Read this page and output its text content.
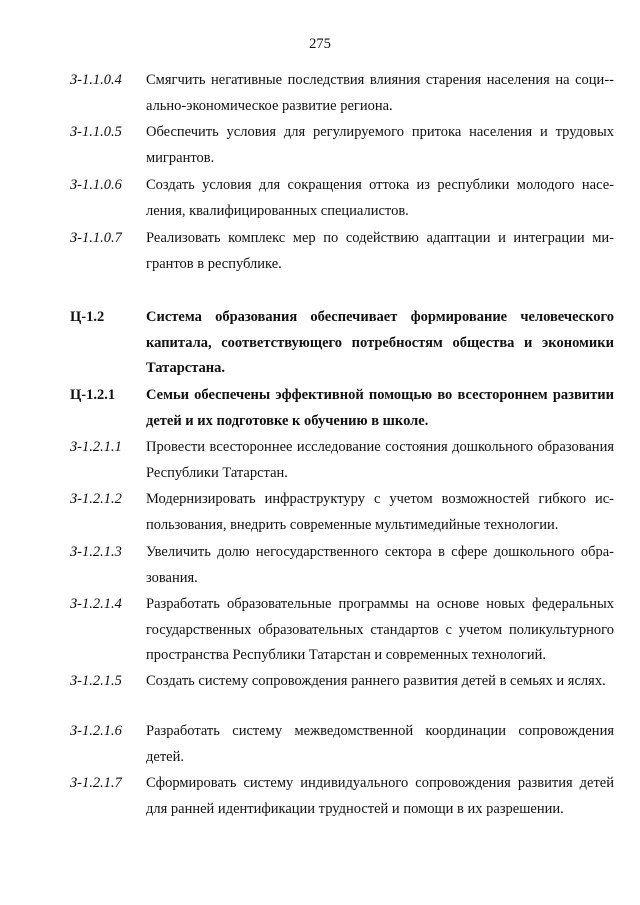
275
З-1.1.0.4 Смягчить негативные последствия влияния старения населения на соци-ально-экономическое развитие региона.
З-1.1.0.5 Обеспечить условия для регулируемого притока населения и трудовых мигрантов.
З-1.1.0.6 Создать условия для сокращения оттока из республики молодого населения, квалифицированных специалистов.
З-1.1.0.7 Реализовать комплекс мер по содействию адаптации и интеграции мигрантов в республике.
Ц-1.2	Система образования обеспечивает формирование человеческого капитала, соответствующего потребностям общества и экономики Татарстана.
Ц-1.2.1 Семьи обеспечены эффективной помощью во всестороннем развитии детей и их подготовке к обучению в школе.
З-1.2.1.1 Провести всестороннее исследование состояния дошкольного образования Республики Татарстан.
З-1.2.1.2 Модернизировать инфраструктуру с учетом возможностей гибкого использования, внедрить современные мультимедийные технологии.
З-1.2.1.3 Увеличить долю негосударственного сектора в сфере дошкольного образования.
З-1.2.1.4 Разработать образовательные программы на основе новых федеральных государственных образовательных стандартов с учетом поликультурного пространства Республики Татарстан и современных технологий.
З-1.2.1.5 Создать систему сопровождения раннего развития детей в семьях и яслях.
З-1.2.1.6 Разработать систему межведомственной координации сопровождения детей.
З-1.2.1.7 Сформировать систему индивидуального сопровождения развития детей для ранней идентификации трудностей и помощи в их разрешении.
